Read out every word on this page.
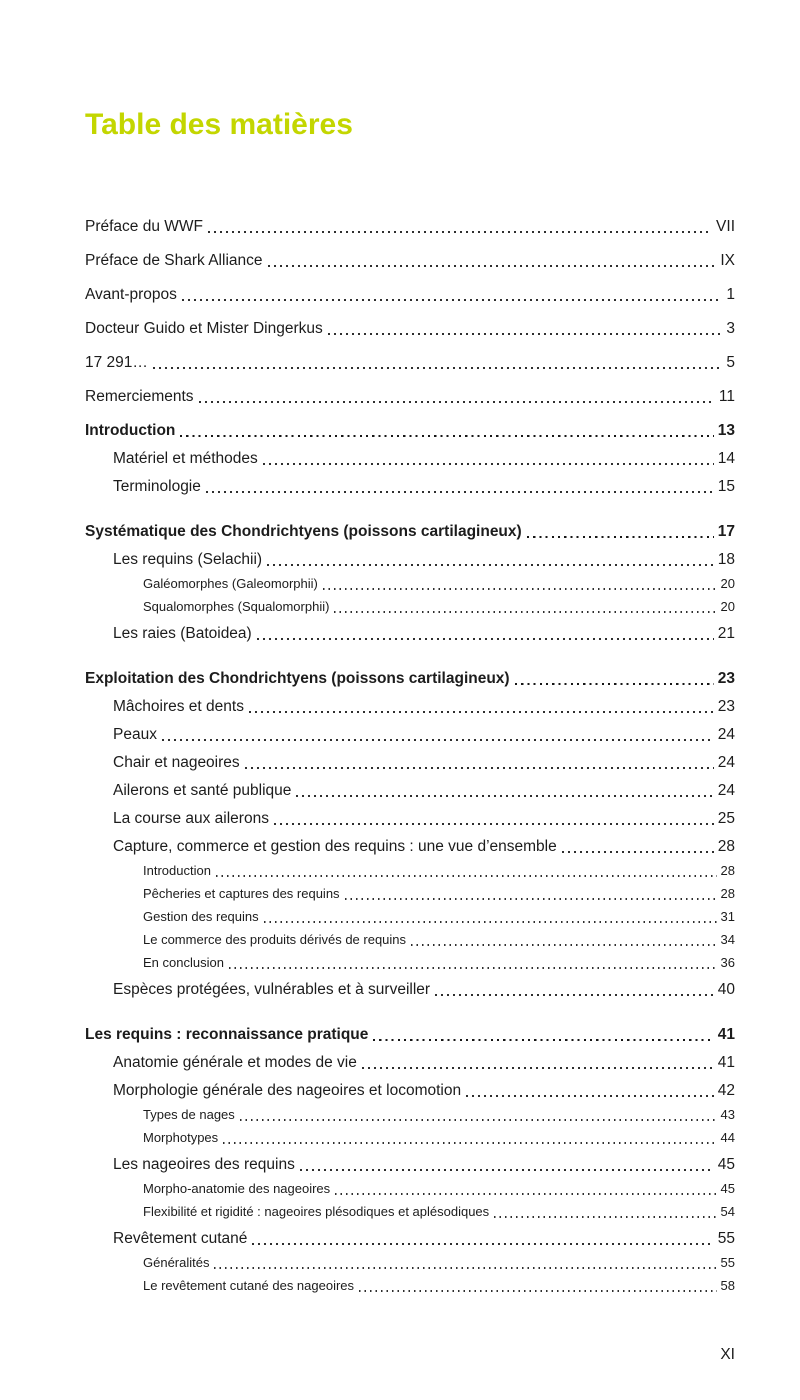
Table des matières
Préface du WWF	VII
Préface de Shark Alliance	IX
Avant-propos	1
Docteur Guido et Mister Dingerkus	3
17 291…	5
Remerciements	11
Introduction	13
Matériel et méthodes	14
Terminologie	15
Systématique des Chondrichtyens (poissons cartilagineux)	17
Les requins (Selachii)	18
Galéomorphes (Galeomorphii)	20
Squalomorphes (Squalomorphii)	20
Les raies (Batoidea)	21
Exploitation des Chondrichtyens (poissons cartilagineux)	23
Mâchoires et dents	23
Peaux	24
Chair et nageoires	24
Ailerons et santé publique	24
La course aux ailerons	25
Capture, commerce et gestion des requins : une vue d’ensemble	28
Introduction	28
Pêcheries et captures des requins	28
Gestion des requins	31
Le commerce des produits dérivés de requins	34
En conclusion	36
Espèces protégées, vulnérables et à surveiller	40
Les requins : reconnaissance pratique	41
Anatomie générale et modes de vie	41
Morphologie générale des nageoires et locomotion	42
Types de nages	43
Morphotypes	44
Les nageoires des requins	45
Morpho-anatomie des nageoires	45
Flexibilité et rigidité : nageoires plésodiques et aplésodiques	54
Revêtement cutané	55
Généralités	55
Le revêtement cutané des nageoires	58
XI
